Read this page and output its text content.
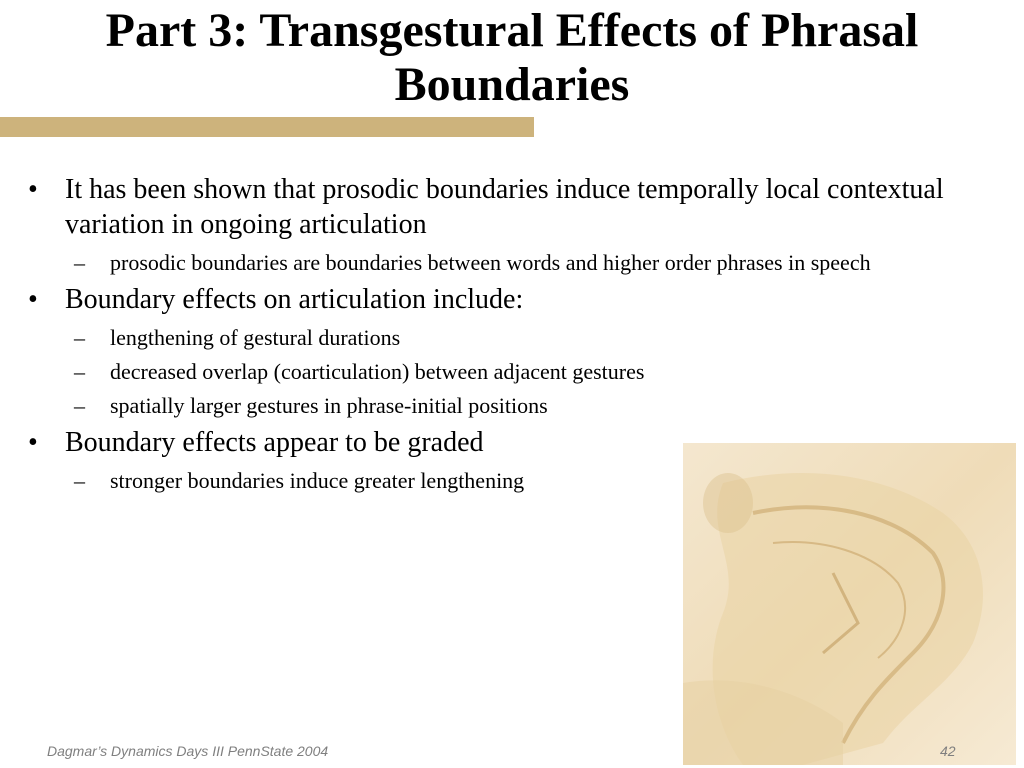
Part 3: Transgestural Effects of Phrasal
Boundaries
• It has been shown that prosodic boundaries induce temporally local contextual variation in ongoing articulation
– prosodic boundaries are boundaries between words and higher order phrases in speech
• Boundary effects on articulation include:
– lengthening of gestural durations
– decreased overlap (coarticulation) between adjacent gestures
– spatially larger gestures in phrase-initial positions
• Boundary effects appear to be graded
– stronger boundaries induce greater lengthening
Dagmar’s Dynamics Days III PennState 2004	42
